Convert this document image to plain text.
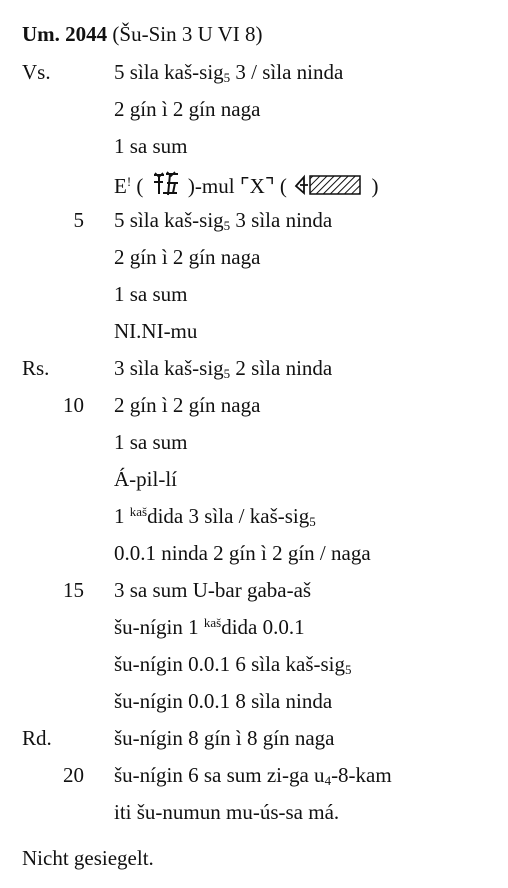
Um. 2044 (Šu-Sin 3 U VI 8)
Vs.	5 sìla kaš-sig$_5$ 3 / sìla ninda
2 gín ì 2 gín naga
1 sa sum
E! (  )-mul ⌜X⌝ (	)
5 5 sìla kaš-sig$_5$ 3 sìla ninda
2 gín ì 2 gín naga
1 sa sum
NI.NI-mu
Rs.	3 sìla kaš-sig$_5$ 2 sìla ninda
10 2 gín ì 2 gín naga
1 sa sum
Á-pil-lí
1 $^{kaš}$dida 3 sìla / kaš-sig$_5$
0.0.1 ninda 2 gín ì 2 gín / naga
15 3 sa sum U-bar gaba-aš
šu-nígin 1 $^{kaš}$dida 0.0.1
šu-nígin 0.0.1 6 sìla kaš-sig$_5$
šu-nígin 0.0.1 8 sìla ninda
Rd.	šu-nígin 8 gín ì 8 gín naga
20 šu-nígin 6 sa sum zi-ga $u_4-8$-kam
iti šu-numun mu-ús-sa má.
Nicht gesiegelt.
